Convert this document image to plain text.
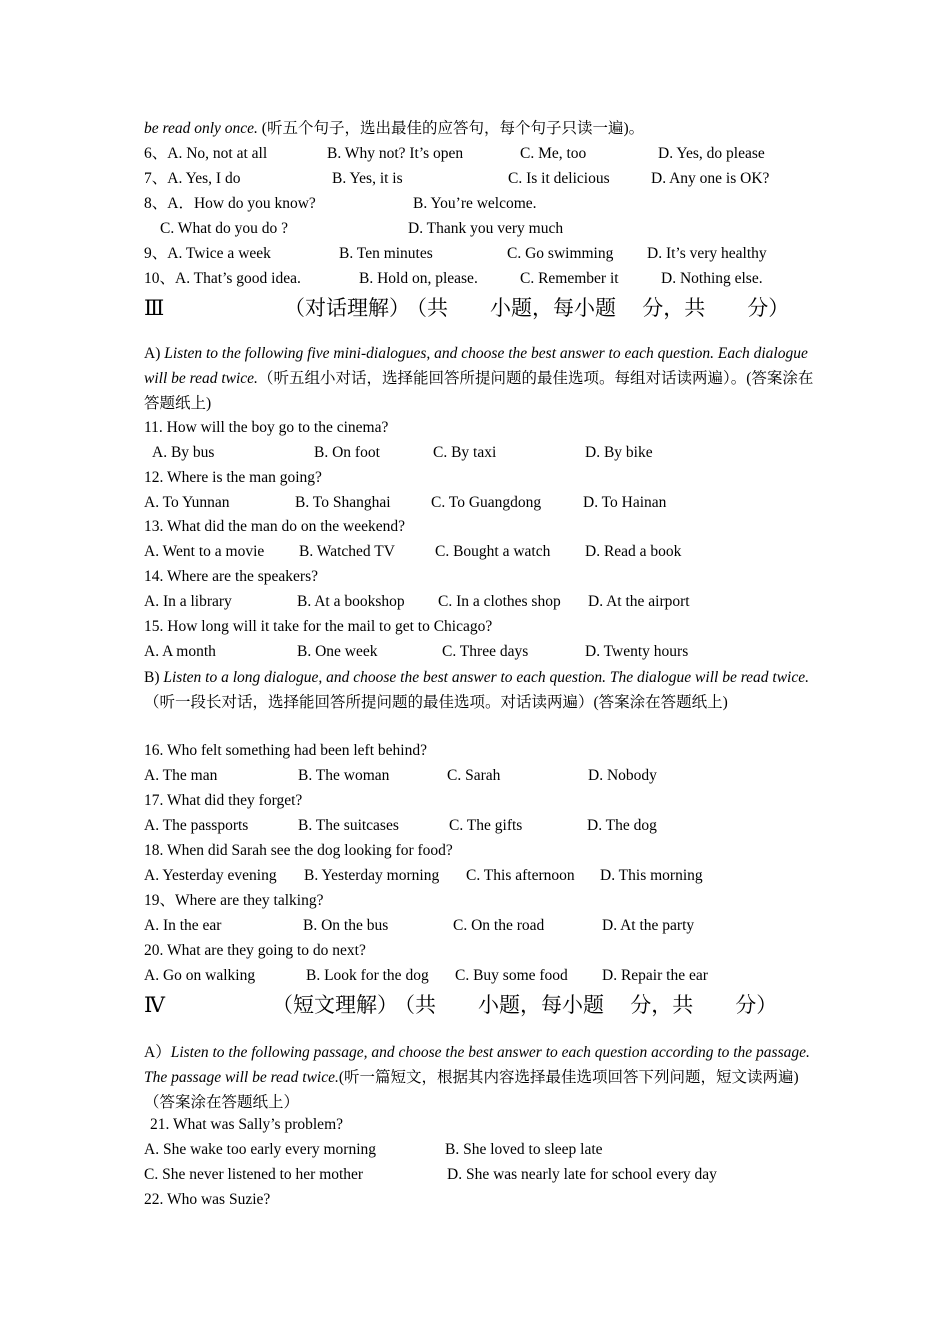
be read only once. (听五个句子，选出最佳的应答句，每个句子只读一遍)。
6、A. No, not at all	B. Why not? It’s open	C. Me, too	D. Yes, do please
7、A. Yes, I do	B. Yes, it is	C. Is it delicious	D. Any one is OK?
8、A．How do you know?	B. You’re welcome.
C. What do you do ?	D. Thank you very much
9、A. Twice a week	B. Ten minutes	C. Go swimming D. It’s very healthy
10、A. That’s good idea.	B. Hold on, please.	C. Remember it	D. Nothing else.
Ⅲ	（对话理解）
（共　　小题，每小题　 分，共　　分）
A) Listen to the following five mini-dialogues, and choose the best answer to each question. Each dialogue will be read twice.（听五组小对话，选择能回答所提问题的最佳选项。每组对话读两遍）。(答案涂在答题纸上)
11. How will the boy go to the cinema?
A. By bus	B. On foot	C. By taxi	D. By bike
12. Where is the man going?
A. To Yunnan	B. To Shanghai	C. To Guangdong	D. To Hainan
13. What did the man do on the weekend?
A. Went to a movie B. Watched TV	C. Bought a watch D. Read a book
14. Where are the speakers?
A. In a library	B. At a bookshop C. In a clothes shop D. At the airport
15. How long will it take for the mail to get to Chicago?
A. A month	B. One week	C. Three days	D. Twenty hours
B) Listen to a long dialogue, and choose the best answer to each question. The dialogue will be read twice.（听一段长对话，选择能回答所提问题的最佳选项。对话读两遍）(答案涂在答题纸上)
16. Who felt something had been left behind?
A. The man	B. The woman	C. Sarah	D. Nobody
17. What did they forget?
A. The passports	B. The suitcases	C. The gifts	D. The dog
18. When did Sarah see the dog looking for food?
A. Yesterday evening B. Yesterday morning C. This afternoon D. This morning
19、Where are they talking?
A. In the ear	B. On the bus	C. On the road	D. At the party
20. What are they going to do next?
A. Go on walking	B. Look for the dog C. Buy some food D. Repair the ear
Ⅳ	（短文理解）
（共　　小题，每小题　 分，共　　分）
A）Listen to the following passage, and choose the best answer to each question according to the passage. The passage will be read twice.(听一篇短文，根据其内容选择最佳选项回答下列问题，短文读两遍)（答案涂在答题纸上）
21. What was Sally’s problem?
A. She wake too early every morning	B. She loved to sleep late
C. She never listened to her mother	D. She was nearly late for school every day
22. Who was Suzie?
